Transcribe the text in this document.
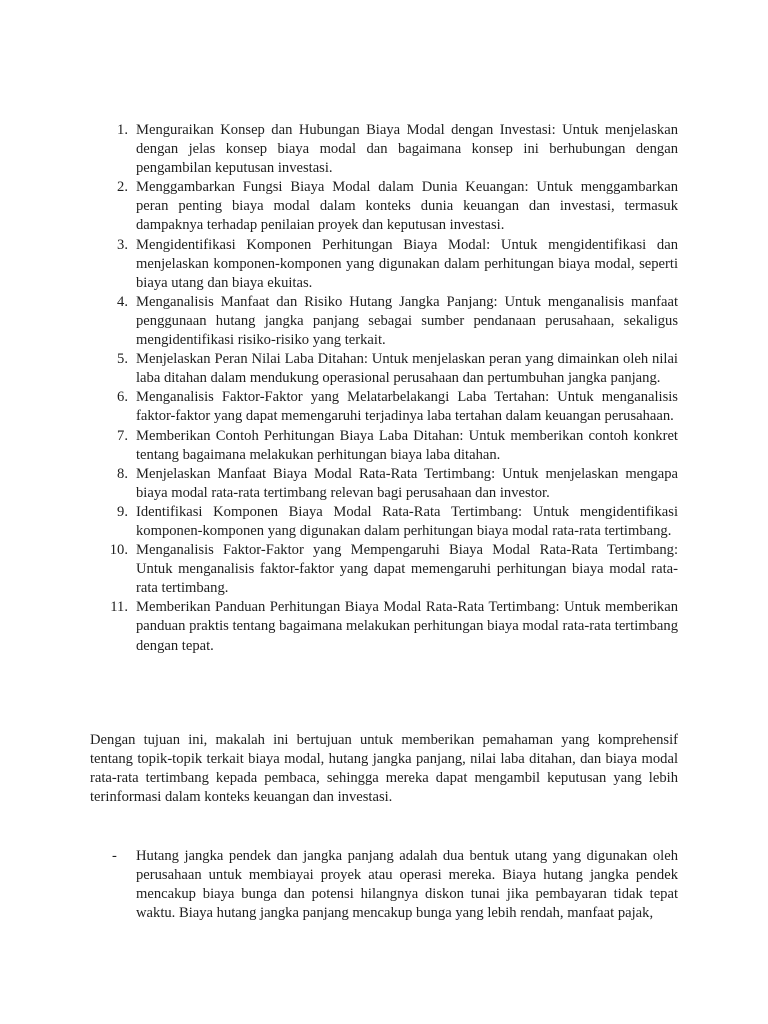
1. Menguraikan Konsep dan Hubungan Biaya Modal dengan Investasi: Untuk menjelaskan dengan jelas konsep biaya modal dan bagaimana konsep ini berhubungan dengan pengambilan keputusan investasi.
2. Menggambarkan Fungsi Biaya Modal dalam Dunia Keuangan: Untuk menggambarkan peran penting biaya modal dalam konteks dunia keuangan dan investasi, termasuk dampaknya terhadap penilaian proyek dan keputusan investasi.
3. Mengidentifikasi Komponen Perhitungan Biaya Modal: Untuk mengidentifikasi dan menjelaskan komponen-komponen yang digunakan dalam perhitungan biaya modal, seperti biaya utang dan biaya ekuitas.
4. Menganalisis Manfaat dan Risiko Hutang Jangka Panjang: Untuk menganalisis manfaat penggunaan hutang jangka panjang sebagai sumber pendanaan perusahaan, sekaligus mengidentifikasi risiko-risiko yang terkait.
5. Menjelaskan Peran Nilai Laba Ditahan: Untuk menjelaskan peran yang dimainkan oleh nilai laba ditahan dalam mendukung operasional perusahaan dan pertumbuhan jangka panjang.
6. Menganalisis Faktor-Faktor yang Melatarbelakangi Laba Tertahan: Untuk menganalisis faktor-faktor yang dapat memengaruhi terjadinya laba tertahan dalam keuangan perusahaan.
7. Memberikan Contoh Perhitungan Biaya Laba Ditahan: Untuk memberikan contoh konkret tentang bagaimana melakukan perhitungan biaya laba ditahan.
8. Menjelaskan Manfaat Biaya Modal Rata-Rata Tertimbang: Untuk menjelaskan mengapa biaya modal rata-rata tertimbang relevan bagi perusahaan dan investor.
9. Identifikasi Komponen Biaya Modal Rata-Rata Tertimbang: Untuk mengidentifikasi komponen-komponen yang digunakan dalam perhitungan biaya modal rata-rata tertimbang.
10. Menganalisis Faktor-Faktor yang Mempengaruhi Biaya Modal Rata-Rata Tertimbang: Untuk menganalisis faktor-faktor yang dapat memengaruhi perhitungan biaya modal rata-rata tertimbang.
11. Memberikan Panduan Perhitungan Biaya Modal Rata-Rata Tertimbang: Untuk memberikan panduan praktis tentang bagaimana melakukan perhitungan biaya modal rata-rata tertimbang dengan tepat.

Dengan tujuan ini, makalah ini bertujuan untuk memberikan pemahaman yang komprehensif tentang topik-topik terkait biaya modal, hutang jangka panjang, nilai laba ditahan, dan biaya modal rata-rata tertimbang kepada pembaca, sehingga mereka dapat mengambil keputusan yang lebih terinformasi dalam konteks keuangan dan investasi.

- Hutang jangka pendek dan jangka panjang adalah dua bentuk utang yang digunakan oleh perusahaan untuk membiayai proyek atau operasi mereka. Biaya hutang jangka pendek mencakup biaya bunga dan potensi hilangnya diskon tunai jika pembayaran tidak tepat waktu. Biaya hutang jangka panjang mencakup bunga yang lebih rendah, manfaat pajak,
